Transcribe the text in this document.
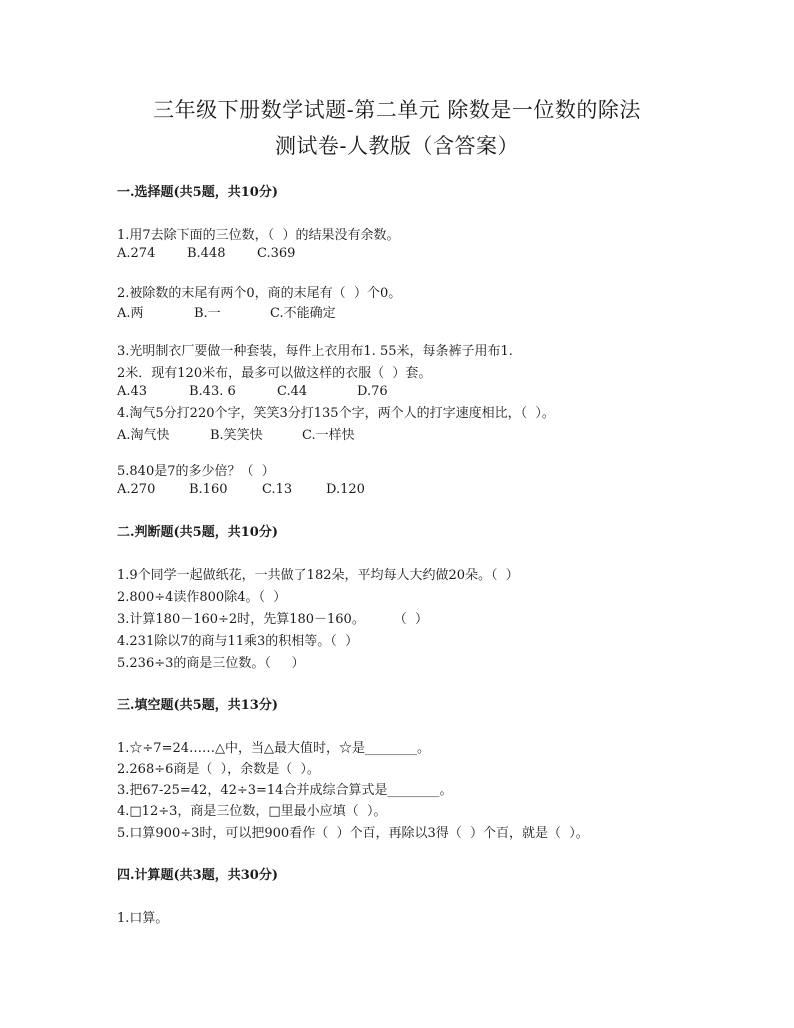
三年级下册数学试题-第二单元 除数是一位数的除法
测试卷-人教版（含答案）
一.选择题(共5题，共10分)
1.用7去除下面的三位数，（  ）的结果没有余数。
A.274	B.448	C.369
2.被除数的末尾有两个0，商的末尾有（  ）个0。
A.两	B.一	C.不能确定
3.光明制衣厂要做一种套装，每件上衣用布1. 55米，每条裤子用布1.
2米．现有120米布，最多可以做这样的衣服（  ）套。
A.43	B.43. 6	C.44	D.76
4.淘气5分打220个字，笑笑3分打135个字，两个人的打字速度相比，（  ）。
A.淘气快	B.笑笑快	C.一样快
5.840是7的多少倍？（  ）
A.270	B.160	C.13	D.120
二.判断题(共5题，共10分)
1.9个同学一起做纸花，一共做了182朵，平均每人大约做20朵。（  ）
2.800÷4读作800除4。（  ）
3.计算180－160÷2时，先算180－160。       （  ）
4.231除以7的商与11乘3的积相等。（  ）
5.236÷3的商是三位数。（     ）
三.填空题(共5题，共13分)
1.☆÷7=24……△中，当△最大值时，☆是________。
2.268÷6商是（  ），余数是（  ）。
3.把67-25=42，42÷3=14合并成综合算式是________。
4.□12÷3，商是三位数，□里最小应填（  ）。
5.口算900÷3时，可以把900看作（  ）个百，再除以3得（  ）个百，就是（  ）。
四.计算题(共3题，共30分)
1.口算。
